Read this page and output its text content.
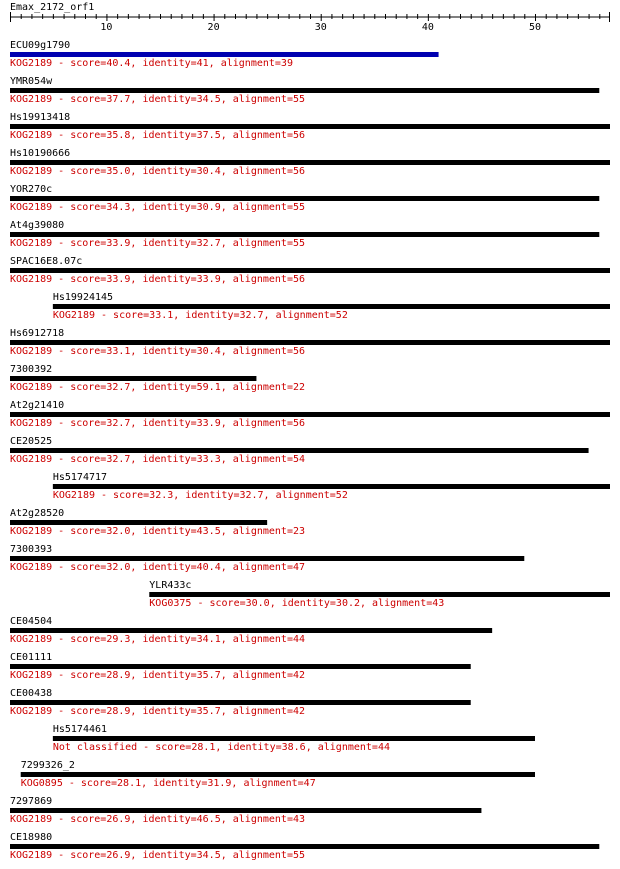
Emax_2172_orf1
10	20	30	40	50
ECU09g1790
KOG2189 - score=40.4, identity=41, alignment=39
YMR054w
KOG2189 - score=37.7, identity=34.5, alignment=55
Hs19913418
KOG2189 - score=35.8, identity=37.5, alignment=56
Hs10190666
KOG2189 - score=35.0, identity=30.4, alignment=56
YOR270c
KOG2189 - score=34.3, identity=30.9, alignment=55
At4g39080
KOG2189 - score=33.9, identity=32.7, alignment=55
SPAC16E8.07c
KOG2189 - score=33.9, identity=33.9, alignment=56
Hs19924145
KOG2189 - score=33.1, identity=32.7, alignment=52
Hs6912718
KOG2189 - score=33.1, identity=30.4, alignment=56
7300392
KOG2189 - score=32.7, identity=59.1, alignment=22
At2g21410
KOG2189 - score=32.7, identity=33.9, alignment=56
CE20525
KOG2189 - score=32.7, identity=33.3, alignment=54
Hs5174717
KOG2189 - score=32.3, identity=32.7, alignment=52
At2g28520
KOG2189 - score=32.0, identity=43.5, alignment=23
7300393
KOG2189 - score=32.0, identity=40.4, alignment=47
YLR433c
KOG0375 - score=30.0, identity=30.2, alignment=43
CE04504
KOG2189 - score=29.3, identity=34.1, alignment=44
CE01111
KOG2189 - score=28.9, identity=35.7, alignment=42
CE00438
KOG2189 - score=28.9, identity=35.7, alignment=42
Hs5174461
Not classified - score=28.1, identity=38.6, alignment=44
7299326_2
KOG0895 - score=28.1, identity=31.9, alignment=47
7297869
KOG2189 - score=26.9, identity=46.5, alignment=43
CE18980
KOG2189 - score=26.9, identity=34.5, alignment=55
